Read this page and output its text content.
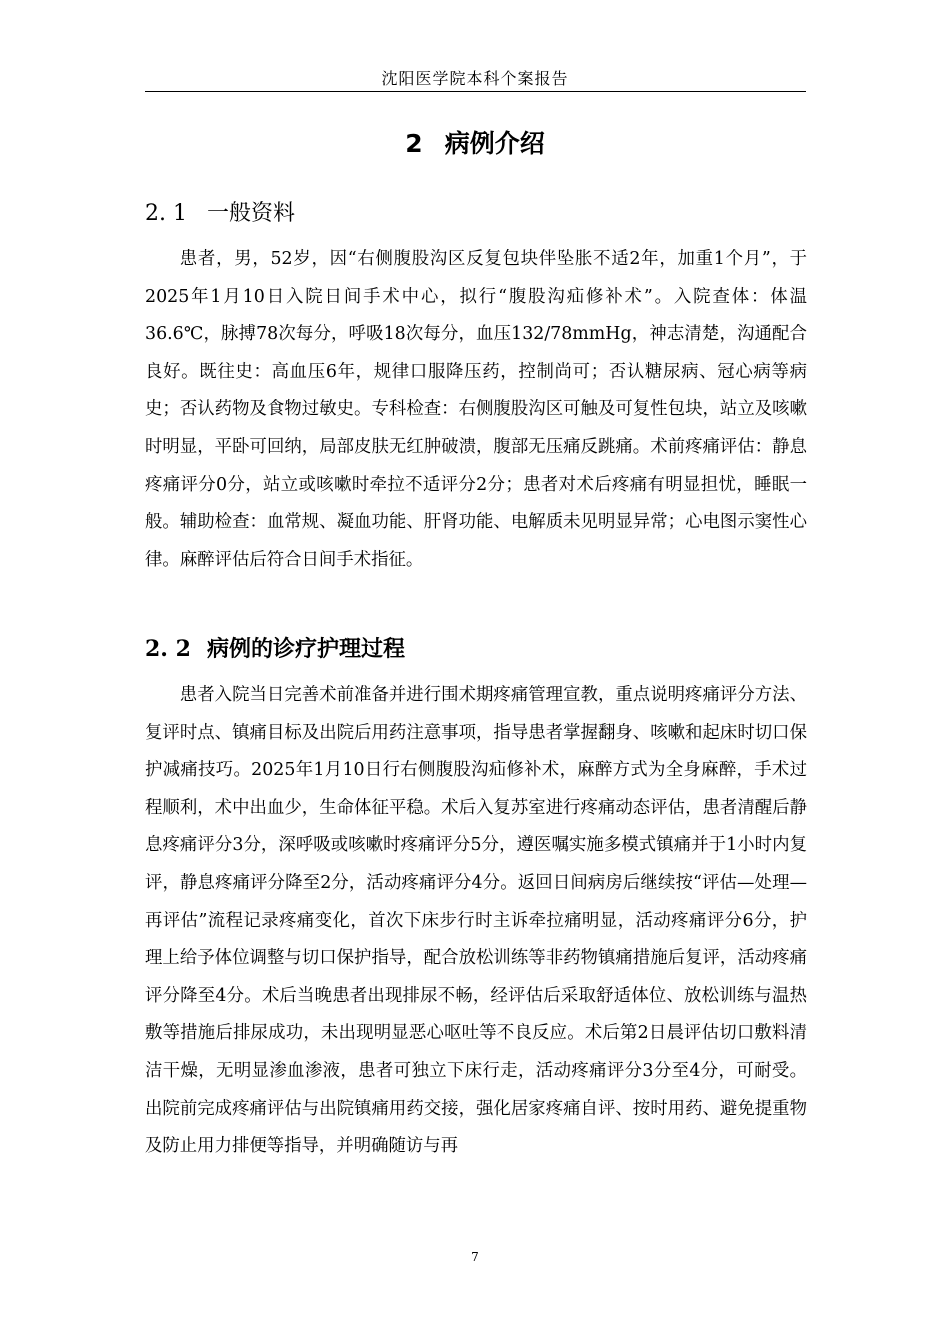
沈阳医学院本科个案报告
2 病例介绍
2. 1 一般资料

患者，男，52岁，因“右侧腹股沟区反复包块伴坠胀不适2年，加重1个月”，于2025年1月10日入院日间手术中心，拟行“腹股沟疝修补术”。入院查体：体温36.6℃，脉搏78次每分，呼吸18次每分，血压132/78mmHg，神志清楚，沟通配合良好。既往史：高血压6年，规律口服降压药，控制尚可；否认糖尿病、冠心病等病史；否认药物及食物过敏史。专科检查：右侧腹股沟区可触及可复性包块，站立及咳嗽时明显，平卧可回纳，局部皮肤无红肿破溃，腹部无压痛反跳痛。术前疼痛评估：静息疼痛评分0分，站立或咳嗽时牵拉不适评分2分；患者对术后疼痛有明显担忧，睡眠一般。辅助检查：血常规、凝血功能、肝肾功能、电解质未见明显异常；心电图示窦性心律。麻醉评估后符合日间手术指征。

2. 2 病例的诊疗护理过程

患者入院当日完善术前准备并进行围术期疼痛管理宣教，重点说明疼痛评分方法、复评时点、镇痛目标及出院后用药注意事项，指导患者掌握翻身、咳嗽和起床时切口保护减痛技巧。2025年1月10日行右侧腹股沟疝修补术，麻醉方式为全身麻醉，手术过程顺利，术中出血少，生命体征平稳。术后入复苏室进行疼痛动态评估，患者清醒后静息疼痛评分3分，深呼吸或咳嗽时疼痛评分5分，遵医嘱实施多模式镇痛并于1小时内复评，静息疼痛评分降至2分，活动疼痛评分4分。返回日间病房后继续按“评估—处理—再评估”流程记录疼痛变化，首次下床步行时主诉牵拉痛明显，活动疼痛评分6分，护理上给予体位调整与切口保护指导，配合放松训练等非药物镇痛措施后复评，活动疼痛评分降至4分。术后当晚患者出现排尿不畅，经评估后采取舒适体位、放松训练与温热敷等措施后排尿成功，未出现明显恶心呕吐等不良反应。术后第2日晨评估切口敷料清洁干燥，无明显渗血渗液，患者可独立下床行走，活动疼痛评分3分至4分，可耐受。出院前完成疼痛评估与出院镇痛用药交接，强化居家疼痛自评、按时用药、避免提重物及防止用力排便等指导，并明确随访与再

7
